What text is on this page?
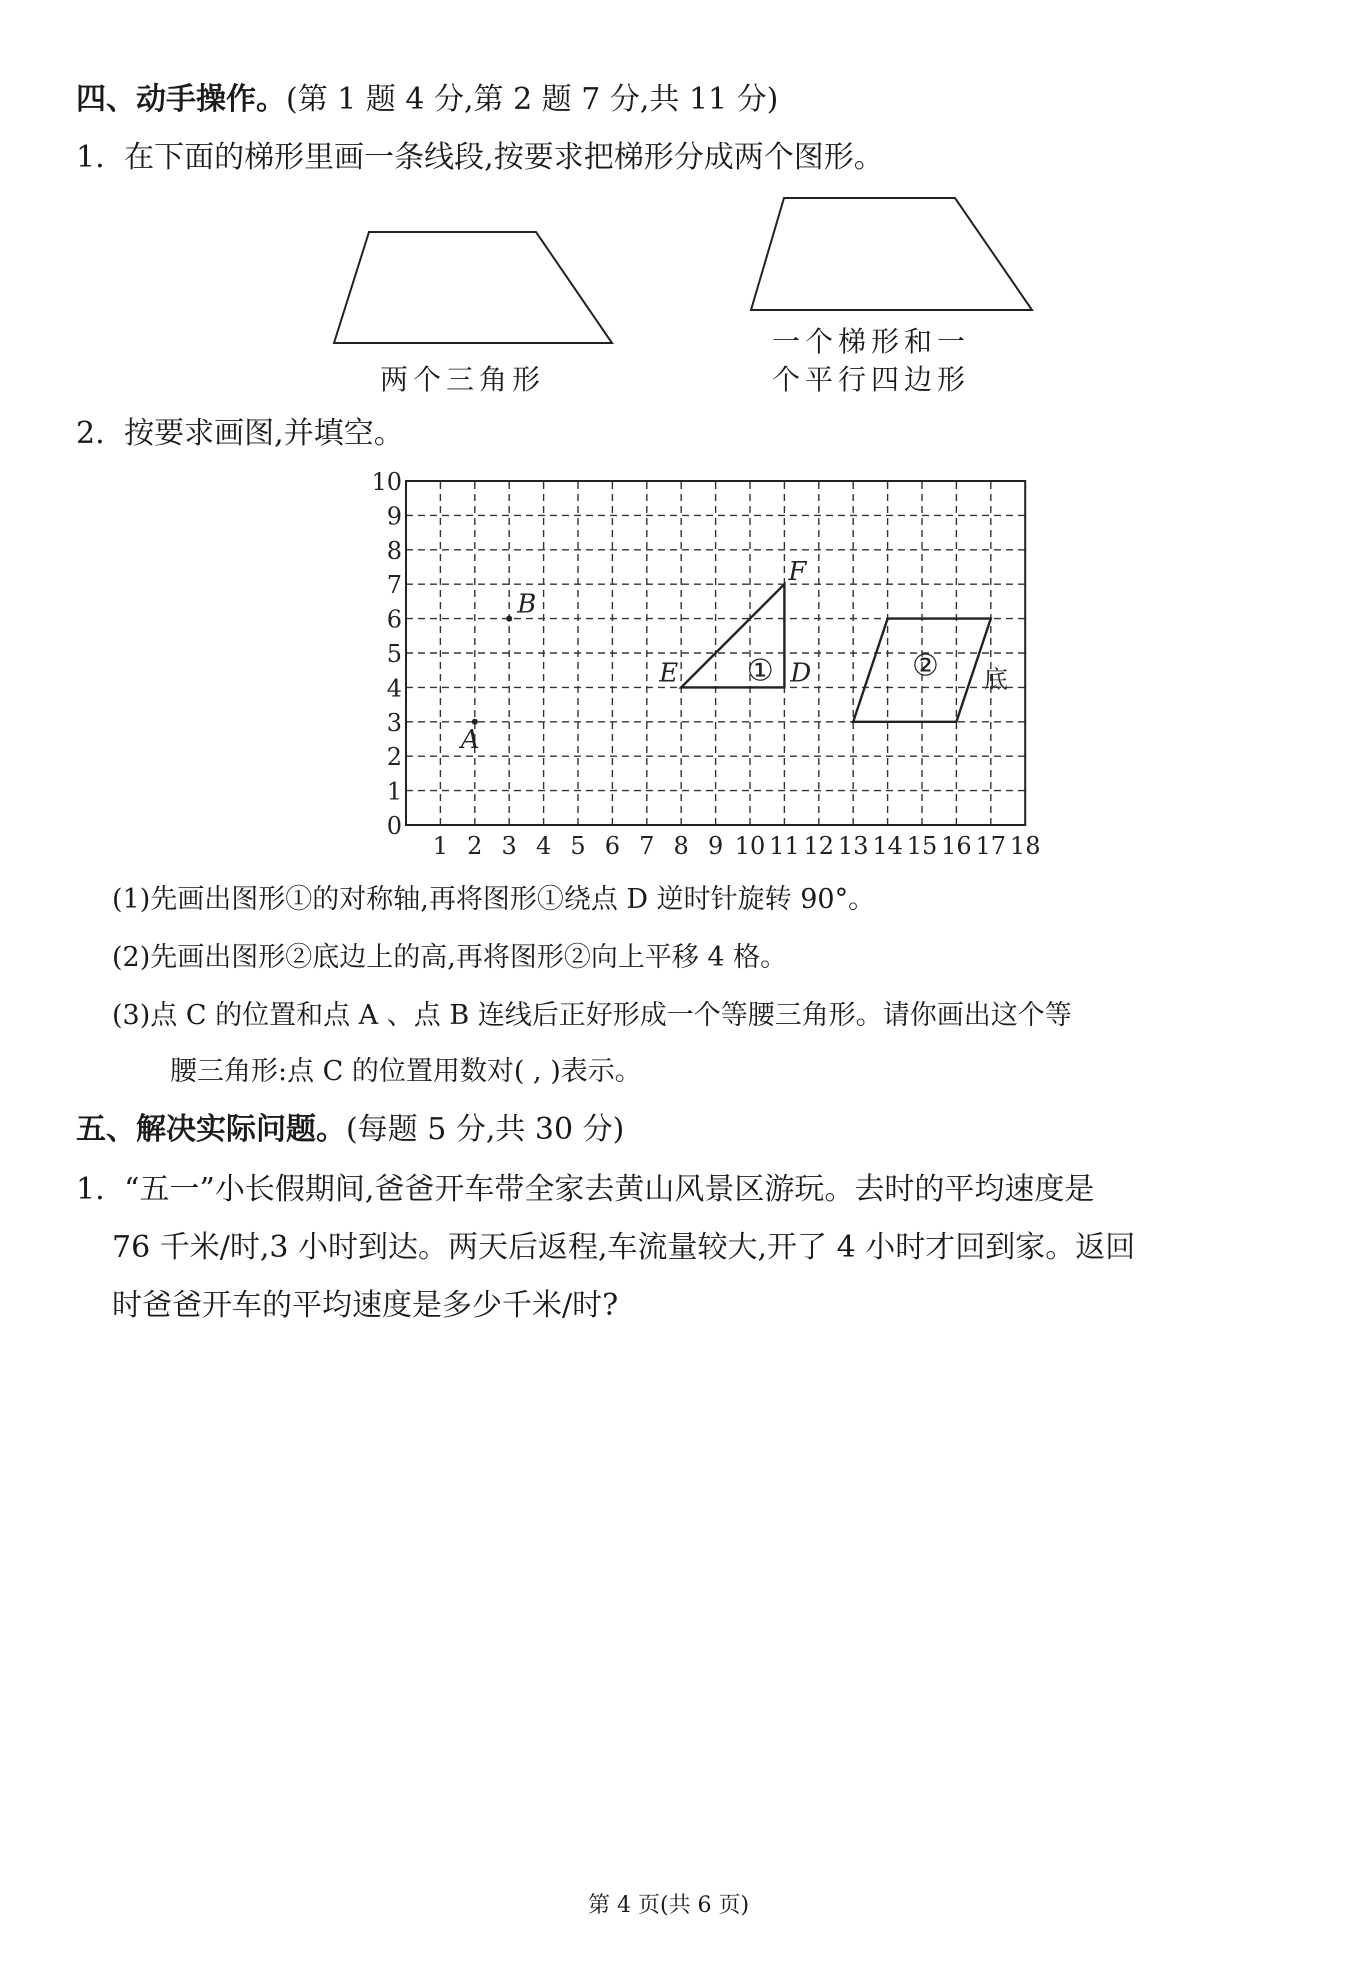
四、动手操作。(第 1 题 4 分,第 2 题 7 分,共 11 分)
1. 在下面的梯形里画一条线段,按要求把梯形分成两个图形。
两个三角形
一个梯形和一
个平行四边形
2. 按要求画图,并填空。
1 2 3 4 5 6 7 8 9 10 11 12 13 14 15 16 17 18
0
1
2
3
4
5
6
7
8
9
10
A
B
E	D
F
①	② 底
(1)先画出图形①的对称轴,再将图形①绕点 D 逆时针旋转 90°。
(2)先画出图形②底边上的高,再将图形②向上平移 4 格。
(3)点 C 的位置和点 A 、点 B 连线后正好形成一个等腰三角形。请你画出这个等
腰三角形:点 C 的位置用数对( , )表示。
五、解决实际问题。(每题 5 分,共 30 分)
1. “五一”小长假期间,爸爸开车带全家去黄山风景区游玩。去时的平均速度是
76 千米/时,3 小时到达。两天后返程,车流量较大,开了 4 小时才回到家。返回
时爸爸开车的平均速度是多少千米/时?
第 4 页(共 6 页)
